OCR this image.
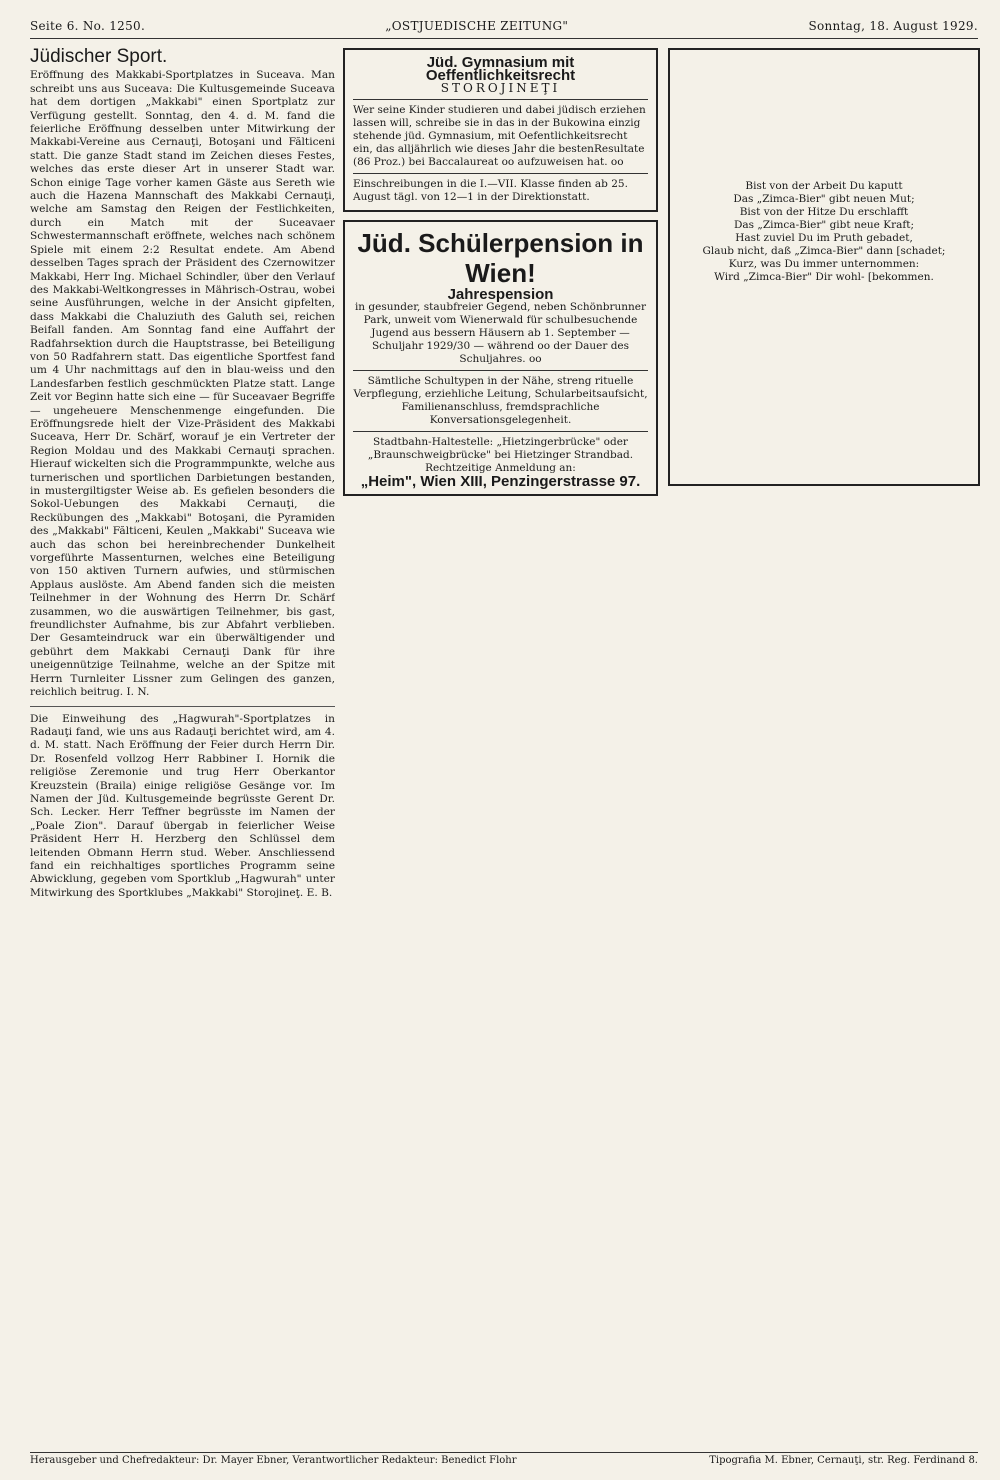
Seite 6. No. 1250.	„OSTJUEDISCHE ZEITUNG"	Sonntag, 18. August 1929.
Jüdischer Sport.

Eröffnung des Makkabi-Sportplatzes in Suceava. Man schreibt uns aus Suceava: Die Kultusgemeinde Suceava hat dem dortigen „Makkabi" einen Sportplatz zur Verfügung gestellt. Sonntag, den 4. d. M. fand die feierliche Eröffnung desselben unter Mitwirkung der Makkabi-Vereine aus Cernauţi, Botoşani und Fălticeni statt. Die ganze Stadt stand im Zeichen dieses Festes, welches das erste dieser Art in unserer Stadt war. Schon einige Tage vorher kamen Gäste aus Sereth wie auch die Hazena Mannschaft des Makkabi Cernauţi, welche am Samstag den Reigen der Festlichkeiten, durch ein Match mit der Suceavaer Schwestermannschaft eröffnete, welches nach schönem Spiele mit einem 2:2 Resultat endete. Am Abend desselben Tages sprach der Präsident des Czernowitzer Makkabi, Herr Ing. Michael Schindler, über den Verlauf des Makkabi-Weltkongresses in Mährisch-Ostrau, wobei seine Ausführungen, welche in der Ansicht gipfelten, dass Makkabi die Chaluziuth des Galuth sei, reichen Beifall fanden. Am Sonntag fand eine Auffahrt der Radfahrsektion durch die Hauptstrasse, bei Beteiligung von 50 Radfahrern statt. Das eigentliche Sportfest fand um 4 Uhr nachmittags auf den in blau-weiss und den Landesfarben festlich geschmückten Platze statt. Lange Zeit vor Beginn hatte sich eine — für Suceavaer Begriffe — ungeheuere Menschenmenge eingefunden. Die Eröffnungsrede hielt der Vize-Präsident des Makkabi Suceava, Herr Dr. Schärf, worauf je ein Vertreter der Region Moldau und des Makkabi Cernauţi sprachen. Hierauf wickelten sich die Programmpunkte, welche aus turnerischen und sportlichen Darbietungen bestanden, in mustergiltigster Weise ab. Es gefielen besonders die Sokol-Uebungen des Makkabi Cernauţi, die Reckübungen des „Makkabi" Botoşani, die Pyramiden des „Makkabi" Fălticeni, Keulen „Makkabi" Suceava wie auch das schon bei hereinbrechender Dunkelheit vorgeführte Massenturnen, welches eine Beteiligung von 150 aktiven Turnern aufwies, und stürmischen Applaus auslöste. Am Abend fanden sich die meisten Teilnehmer in der Wohnung des Herrn Dr. Schärf zusammen, wo die auswärtigen Teilnehmer, bis gast, freundlichster Aufnahme, bis zur Abfahrt verblieben. Der Gesamteindruck war ein überwältigender und gebührt dem Makkabi Cernauţi Dank für ihre uneigennützige Teilnahme, welche an der Spitze mit Herrn Turnleiter Lissner zum Gelingen des ganzen, reichlich beitrug. I. N.

Die Einweihung des „Hagwurah"-Sportplatzes in Radauţi fand, wie uns aus Radauţi berichtet wird, am 4. d. M. statt. Nach Eröffnung der Feier durch Herrn Dir. Dr. Rosenfeld vollzog Herr Rabbiner I. Hornik die religiöse Zeremonie und trug Herr Oberkantor Kreuzstein (Braila) einige religiöse Gesänge vor. Im Namen der Jüd. Kultusgemeinde begrüsste Gerent Dr. Sch. Lecker. Herr Teffner begrüsste im Namen der „Poale Zion". Darauf übergab in feierlicher Weise Präsident Herr H. Herzberg den Schlüssel dem leitenden Obmann Herrn stud. Weber. Anschliessend fand ein reichhaltiges sportliches Programm seine Abwicklung, gegeben vom Sportklub „Hagwurah" unter Mitwirkung des Sportklubes „Makkabi" Storojineţ. E. B.

Jüd. Gymnasium mit Oeffentlichkeitsrecht
STOROJINEŢI
Wer seine Kinder studieren und dabei jüdisch erziehen lassen will, schreibe sie in das in der Bukowina einzig stehende jüd. Gymnasium, mit Oefentlichkeitsrecht ein, das alljährlich wie dieses Jahr die bestenResultate (86 Proz.) bei Baccalaureat oo aufzuweisen hat. oo
Einschreibungen in die I.—VII. Klasse finden ab 25. August tägl. von 12—1 in der Direktionstatt.
Jüd. Schülerpension in Wien!
Jahrespension
in gesunder, staubfreier Gegend, neben Schönbrunner Park, unweit vom Wienerwald für schulbesuchende Jugend aus bessern Häusern ab 1. September — Schuljahr 1929/30 — während oo der Dauer des Schuljahres. oo
Sämtliche Schultypen in der Nähe, streng rituelle Verpflegung, erziehliche Leitung, Schularbeitsaufsicht, Familienanschluss, fremdsprachliche Konversationsgelegenheit.
Stadtbahn-Haltestelle: „Hietzingerbrücke" oder „Braunschweigbrücke" bei Hietzinger Strandbad.
Rechtzeitige Anmeldung an:
„Heim", Wien XIII, Penzingerstrasse 97.
Bist von der Arbeit Du kaputt
Das „Zimca-Bier" gibt neuen Mut;
Bist von der Hitze Du erschlafft
Das „Zimca-Bier" gibt neue Kraft;
Hast zuviel Du im Pruth gebadet,
Glaub nicht, daß „Zimca-Bier" dann [schadet;
Kurz, was Du immer unternommen:
Wird „Zimca-Bier" Dir wohl- [bekommen.
Herausgeber und Chefredakteur: Dr. Mayer Ebner, Verantwortlicher Redakteur: Benedict Flohr	Tipografia M. Ebner, Cernauţi, str. Reg. Ferdinand 8.
